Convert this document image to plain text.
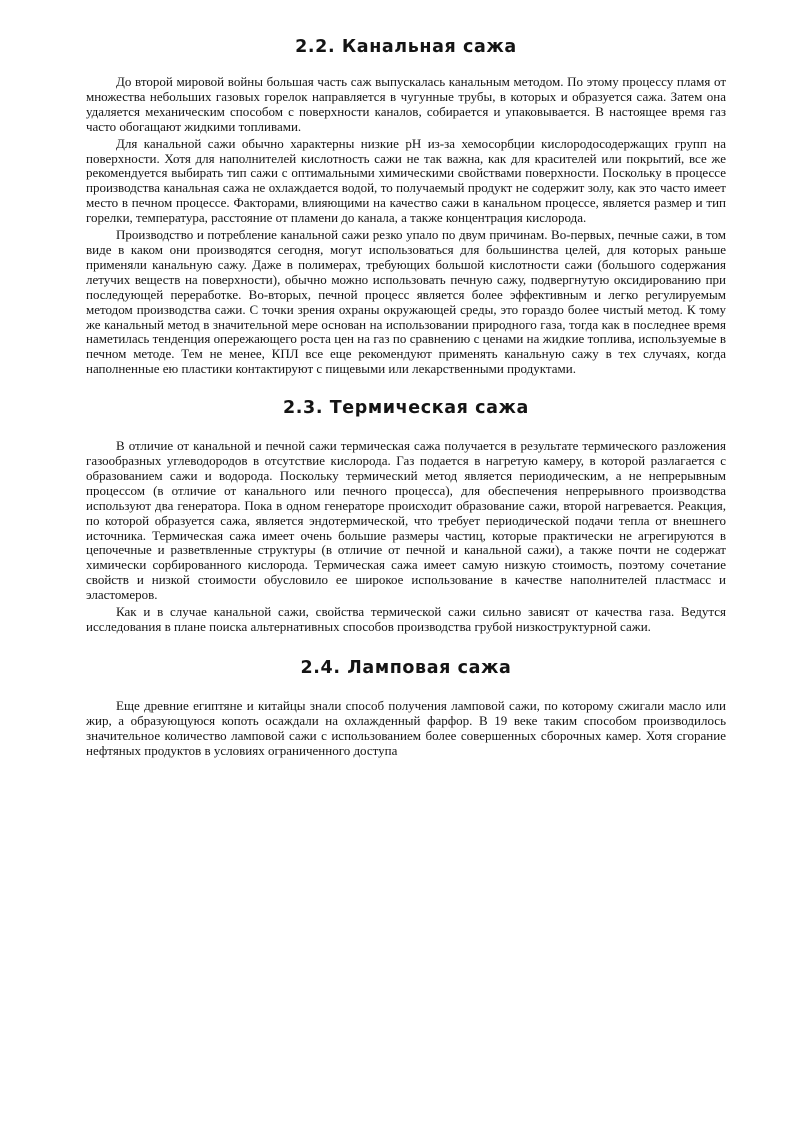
2.2. Канальная сажа

До второй мировой войны большая часть саж выпускалась канальным методом. По этому процессу пламя от множества небольших газовых горелок направляется в чугунные трубы, в которых и образуется сажа. Затем она удаляется механическим способом с поверхности каналов, собирается и упаковывается. В настоящее время газ часто обогащают жидкими топливами.

Для канальной сажи обычно характерны низкие pH из-за хемосорбции кислородосодержащих групп на поверхности. Хотя для наполнителей кислотность сажи не так важна, как для красителей или покрытий, все же рекомендуется выбирать тип сажи с оптимальными химическими свойствами поверхности. Поскольку в процессе производства канальная сажа не охлаждается водой, то получаемый продукт не содержит золу, как это часто имеет место в печном процессе. Факторами, влияющими на качество сажи в канальном процессе, является размер и тип горелки, температура, расстояние от пламени до канала, а также концентрация кислорода.

Производство и потребление канальной сажи резко упало по двум причинам. Во-первых, печные сажи, в том виде в каком они производятся сегодня, могут использоваться для большинства целей, для которых раньше применяли канальную сажу. Даже в полимерах, требующих большой кислотности сажи (большого содержания летучих веществ на поверхности), обычно можно использовать печную сажу, подвергнутую оксидированию при последующей переработке. Во-вторых, печной процесс является более эффективным и легко регулируемым методом производства сажи. С точки зрения охраны окружающей среды, это гораздо более чистый метод. К тому же канальный метод в значительной мере основан на использовании природного газа, тогда как в последнее время наметилась тенденция опережающего роста цен на газ по сравнению с ценами на жидкие топлива, используемые в печном методе. Тем не менее, КПЛ все еще рекомендуют применять канальную сажу в тех случаях, когда наполненные ею пластики контактируют с пищевыми или лекарственными продуктами.

2.3. Термическая сажа

В отличие от канальной и печной сажи термическая сажа получается в результате термического разложения газообразных углеводородов в отсутствие кислорода. Газ подается в нагретую камеру, в которой разлагается с образованием сажи и водорода. Поскольку термический метод является периодическим, а не непрерывным процессом (в отличие от канального или печного процесса), для обеспечения непрерывного производства используют два генератора. Пока в одном генераторе происходит образование сажи, второй нагревается. Реакция, по которой образуется сажа, является эндотермической, что требует периодической подачи тепла от внешнего источника. Термическая сажа имеет очень большие размеры частиц, которые практически не агрегируются в цепочечные и разветвленные структуры (в отличие от печной и канальной сажи), а также почти не содержат химически сорбированного кислорода. Термическая сажа имеет самую низкую стоимость, поэтому сочетание свойств и низкой стоимости обусловило ее широкое использование в качестве наполнителей пластмасс и эластомеров.

Как и в случае канальной сажи, свойства термической сажи сильно зависят от качества газа. Ведутся исследования в плане поиска альтернативных способов производства грубой низкоструктурной сажи.

2.4. Ламповая сажа

Еще древние египтяне и китайцы знали способ получения ламповой сажи, по которому сжигали масло или жир, а образующуюся копоть осаждали на охлажденный фарфор. В 19 веке таким способом производилось значительное количество ламповой сажи с использованием более совершенных сборочных камер. Хотя сгорание нефтяных продуктов в условиях ограниченного доступа
